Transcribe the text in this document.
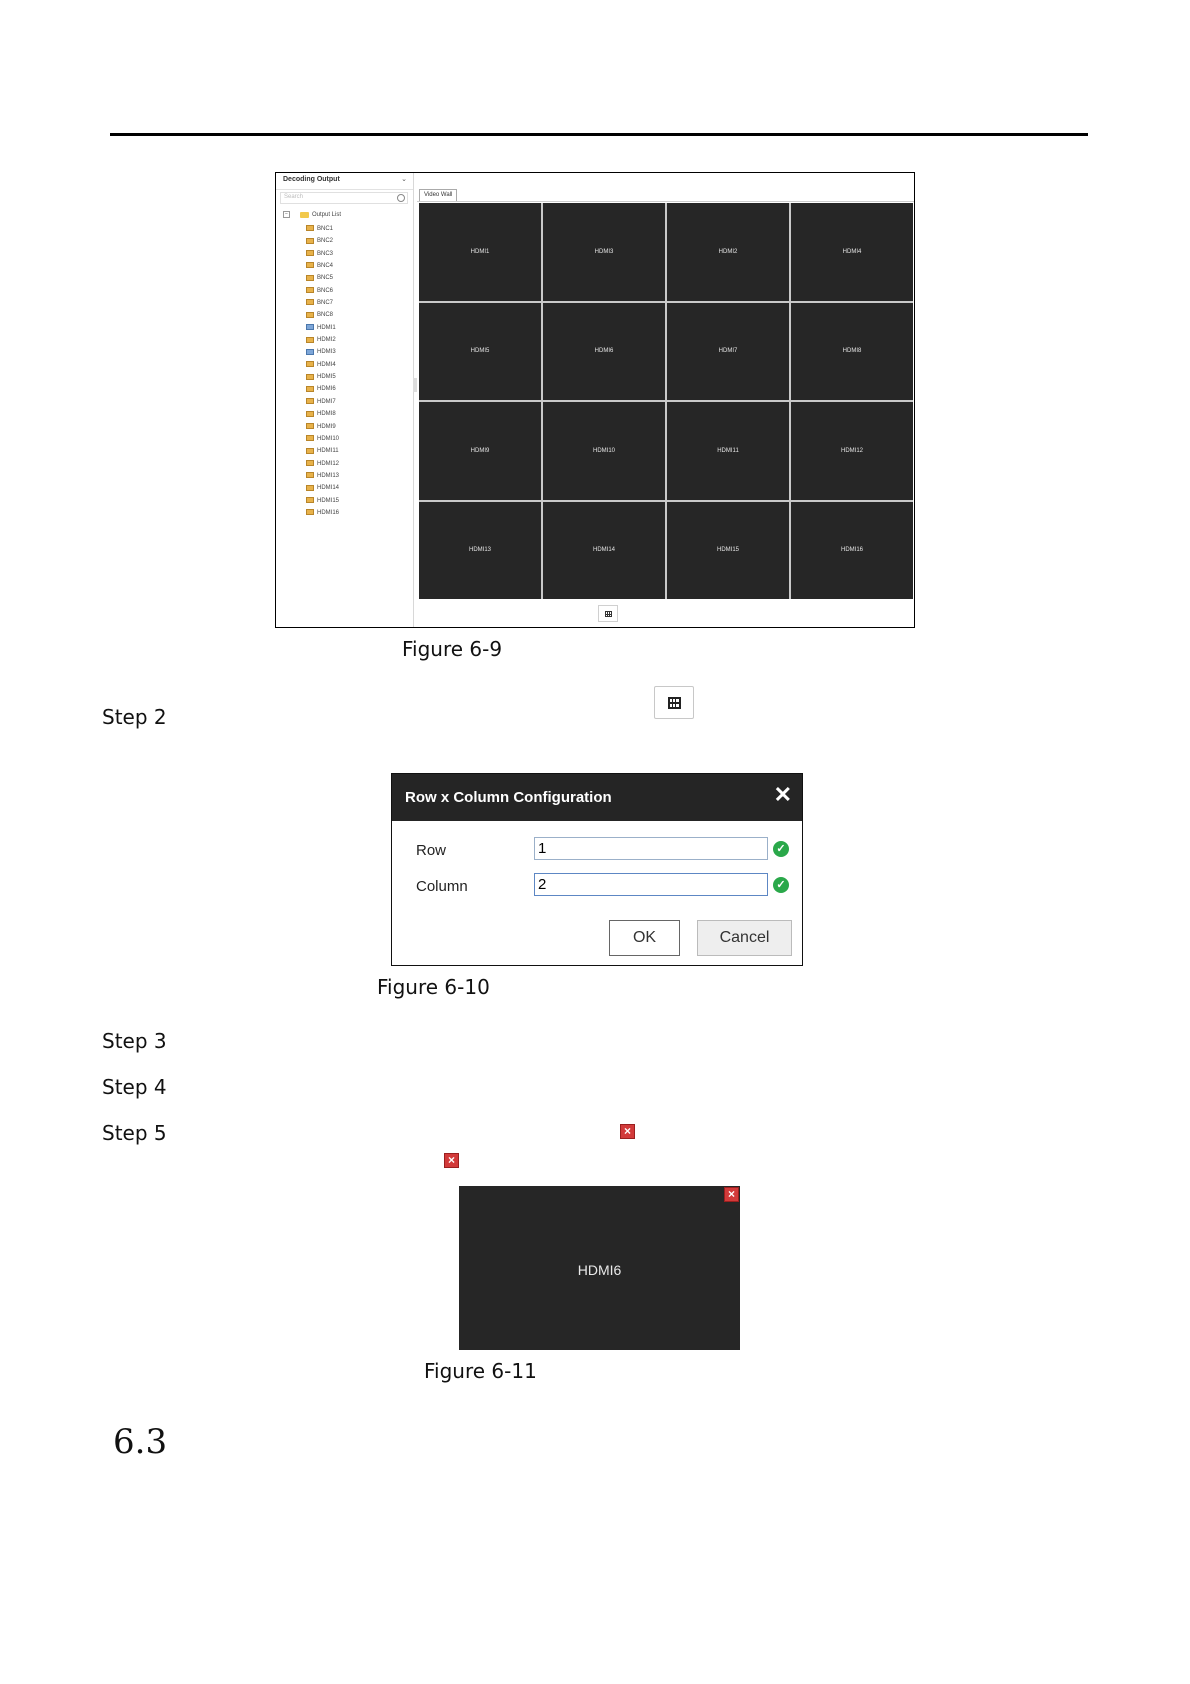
Decoding Output	⌄
Search
−	Output List
BNC1
BNC2
BNC3
BNC4
BNC5
BNC6
BNC7
BNC8
HDMI1
HDMI2
HDMI3
HDMI4
HDMI5
HDMI6
HDMI7
HDMI8
HDMI9
HDMI10
HDMI11
HDMI12
HDMI13
HDMI14
HDMI15
HDMI16
Video Wall
HDMI1	HDMI3	HDMI2	HDMI4
HDMI5	HDMI6	HDMI7	HDMI8
HDMI9	HDMI10	HDMI11	HDMI12
HDMI13	HDMI14	HDMI15	HDMI16
Figure 6-9
Step 2
Row x Column Configuration	✕
Row	1	✓
Column	2	✓
OK	Cancel
Figure 6-10
Step 3
Step 4
Step 5	×
×
×
HDMI6
Figure 6-11
6.3
